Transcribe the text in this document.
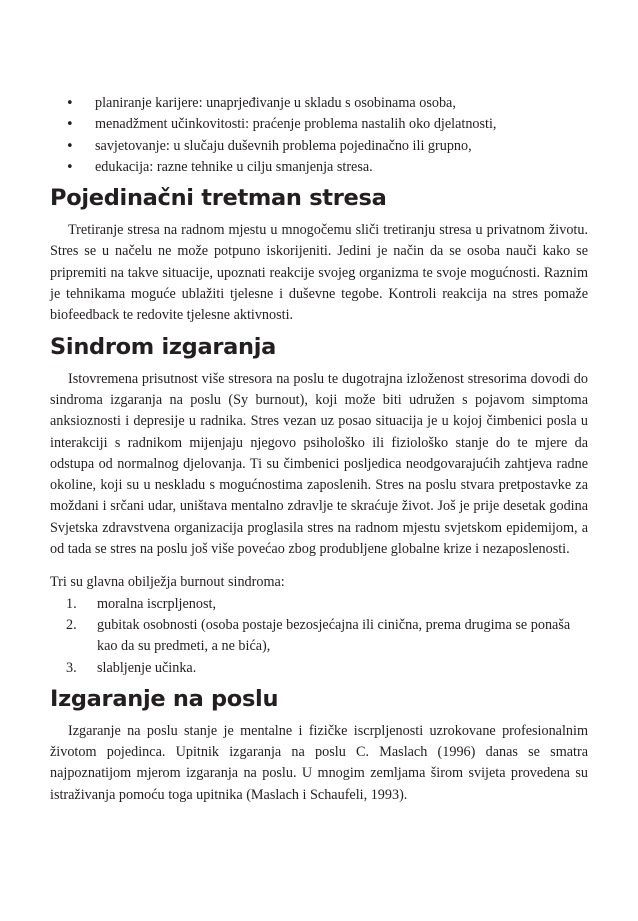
• planiranje karijere: unaprjeđivanje u skladu s osobinama osoba,
• menadžment učinkovitosti: praćenje problema nastalih oko djelatnosti,
• savjetovanje: u slučaju duševnih problema pojedinačno ili grupno,
• edukacija: razne tehnike u cilju smanjenja stresa.
Pojedinačni tretman stresa

Tretiranje stresa na radnom mjestu u mnogočemu sliči tretiranju stresa u privatnom životu. Stres se u načelu ne može potpuno iskorijeniti. Jedini je način da se osoba nauči kako se pripremiti na takve situacije, upoznati reakcije svojeg organizma te svoje mogućnosti. Raznim je tehnikama moguće ublažiti tjelesne i duševne tegobe. Kontroli reakcija na stres pomaže biofeedback te redovite tjelesne aktivnosti.

Sindrom izgaranja

Istovremena prisutnost više stresora na poslu te dugotrajna izloženost stresorima dovodi do sindroma izgaranja na poslu (Sy burnout), koji može biti udružen s pojavom simptoma anksioznosti i depresije u radnika. Stres vezan uz posao situacija je u kojoj čimbenici posla u interakciji s radnikom mijenjaju njegovo psihološko ili fiziološko stanje do te mjere da odstupa od normalnog djelovanja. Ti su čimbenici posljedica neodgovarajućih zahtjeva radne okoline, koji su u neskladu s mogućnostima zaposlenih. Stres na poslu stvara pretpostavke za moždani i srčani udar, uništava mentalno zdravlje te skraćuje život. Još je prije desetak godina Svjetska zdravstvena organizacija proglasila stres na radnom mjestu svjetskom epidemijom, a od tada se stres na poslu još više povećao zbog produbljene globalne krize i nezaposlenosti.

Tri su glavna obilježja burnout sindroma:

1. moralna iscrpljenost,
2. gubitak osobnosti (osoba postaje bezosjećajna ili cinična, prema drugima se ponaša kao da su predmeti, a ne bića),
3. slabljenje učinka.
Izgaranje na poslu

Izgaranje na poslu stanje je mentalne i fizičke iscrpljenosti uzrokovane profesionalnim životom pojedinca. Upitnik izgaranja na poslu C. Maslach (1996) danas se smatra najpoznatijom mjerom izgaranja na poslu. U mnogim zemljama širom svijeta provedena su istraživanja pomoću toga upitnika (Maslach i Schaufeli, 1993).
